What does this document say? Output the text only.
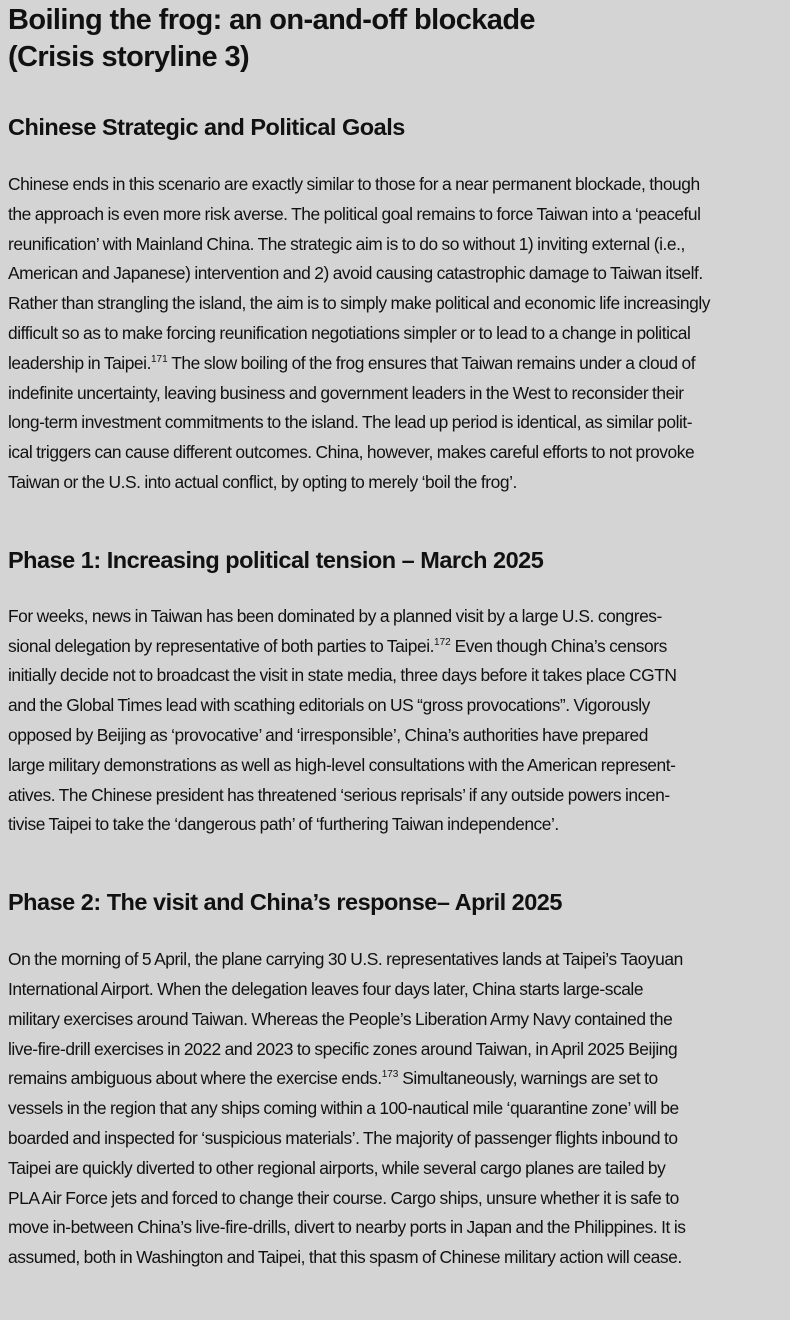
Boiling the frog: an on-and-off blockade
(Crisis storyline 3)
Chinese Strategic and Political Goals

Chinese ends in this scenario are exactly similar to those for a near permanent blockade, though
the approach is even more risk averse. The political goal remains to force Taiwan into a ‘peaceful
reunification’ with Mainland China. The strategic aim is to do so without 1) inviting external (i.e.,
American and Japanese) intervention and 2) avoid causing catastrophic damage to Taiwan itself.
Rather than strangling the island, the aim is to simply make political and economic life increasingly
difficult so as to make forcing reunification negotiations simpler or to lead to a change in political
leadership in Taipei.$^{171}$ The slow boiling of the frog ensures that Taiwan remains under a cloud of
indefinite uncertainty, leaving business and government leaders in the West to reconsider their
long-term investment commitments to the island. The lead up period is identical, as similar polit-
ical triggers can cause different outcomes. China, however, makes careful efforts to not provoke
Taiwan or the U.S. into actual conflict, by opting to merely ‘boil the frog’.

Phase 1: Increasing political tension – March 2025

For weeks, news in Taiwan has been dominated by a planned visit by a large U.S. congres-
sional delegation by representative of both parties to Taipei.$^{172}$ Even though China’s censors
initially decide not to broadcast the visit in state media, three days before it takes place CGTN
and the Global Times lead with scathing editorials on US “gross provocations”. Vigorously
opposed by Beijing as ‘provocative’ and ‘irresponsible’, China’s authorities have prepared
large military demonstrations as well as high-level consultations with the American represent-
atives. The Chinese president has threatened ‘serious reprisals’ if any outside powers incen-
tivise Taipei to take the ‘dangerous path’ of ‘furthering Taiwan independence’.

Phase 2: The visit and China’s response– April 2025

On the morning of 5 April, the plane carrying 30 U.S. representatives lands at Taipei’s Taoyuan
International Airport. When the delegation leaves four days later, China starts large-scale
military exercises around Taiwan. Whereas the People’s Liberation Army Navy contained the
live-fire-drill exercises in 2022 and 2023 to specific zones around Taiwan, in April 2025 Beijing
remains ambiguous about where the exercise ends.$^{173}$ Simultaneously, warnings are set to
vessels in the region that any ships coming within a 100-nautical mile ‘quarantine zone’ will be
boarded and inspected for ‘suspicious materials’. The majority of passenger flights inbound to
Taipei are quickly diverted to other regional airports, while several cargo planes are tailed by
PLA Air Force jets and forced to change their course. Cargo ships, unsure whether it is safe to
move in-between China’s live-fire-drills, divert to nearby ports in Japan and the Philippines. It is
assumed, both in Washington and Taipei, that this spasm of Chinese military action will cease.
